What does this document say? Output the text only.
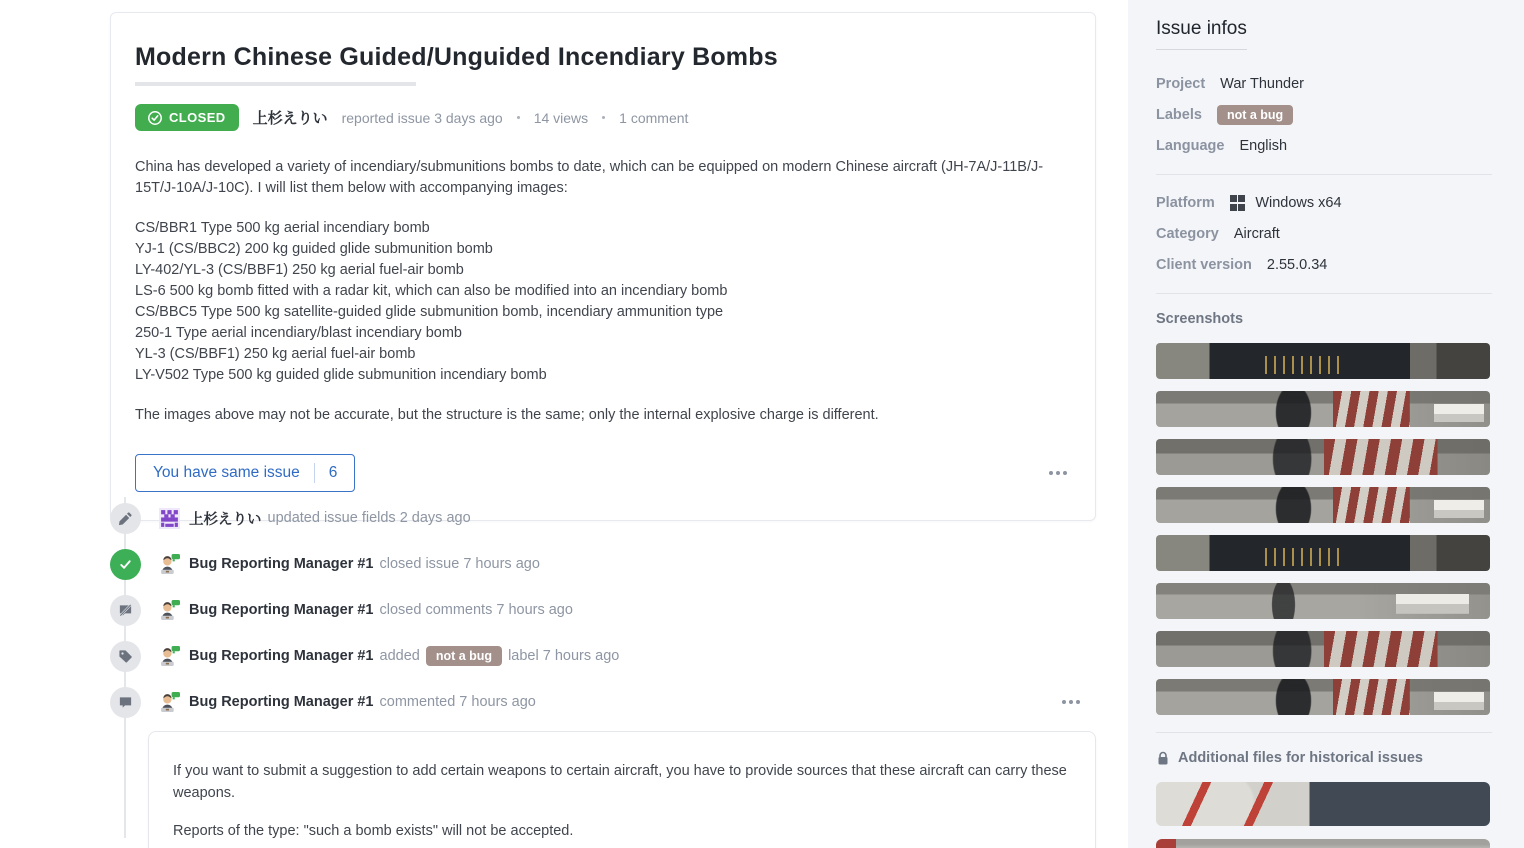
Modern Chinese Guided/Unguided Incendiary Bombs
CLOSED 上杉えりい reported issue 3 days ago 14 views 1 comment

China has developed a variety of incendiary/submunitions bombs to date, which can be equipped on modern Chinese aircraft (JH-7A/J-11B/J-15T/J-10A/J-10C). I will list them below with accompanying images:

CS/BBR1 Type 500 kg aerial incendiary bomb
YJ-1 (CS/BBC2) 200 kg guided glide submunition bomb
LY-402/YL-3 (CS/BBF1) 250 kg aerial fuel-air bomb
LS-6 500 kg bomb fitted with a radar kit, which can also be modified into an incendiary bomb
CS/BBC5 Type 500 kg satellite-guided glide submunition bomb, incendiary ammunition type
250-1 Type aerial incendiary/blast incendiary bomb
YL-3 (CS/BBF1) 250 kg aerial fuel-air bomb
LY-V502 Type 500 kg guided glide submunition incendiary bomb

The images above may not be accurate, but the structure is the same; only the internal explosive charge is different.

You have same issue 6
上杉えりい updated issue fields 2 days ago
Bug Reporting Manager #1 closed issue 7 hours ago
Bug Reporting Manager #1 closed comments 7 hours ago
Bug Reporting Manager #1 added	not a bug	label 7 hours ago
Bug Reporting Manager #1 commented 7 hours ago

If you want to submit a suggestion to add certain weapons to certain aircraft, you have to provide sources that these aircraft can carry these weapons.

Reports of the type: "such a bomb exists" will not be accepted.

Issue infos
Project War Thunder
Labels	not a bug
Language English
Platform	Windows x64
Category Aircraft
Client version 2.55.0.34
Screenshots
Additional files for historical issues
